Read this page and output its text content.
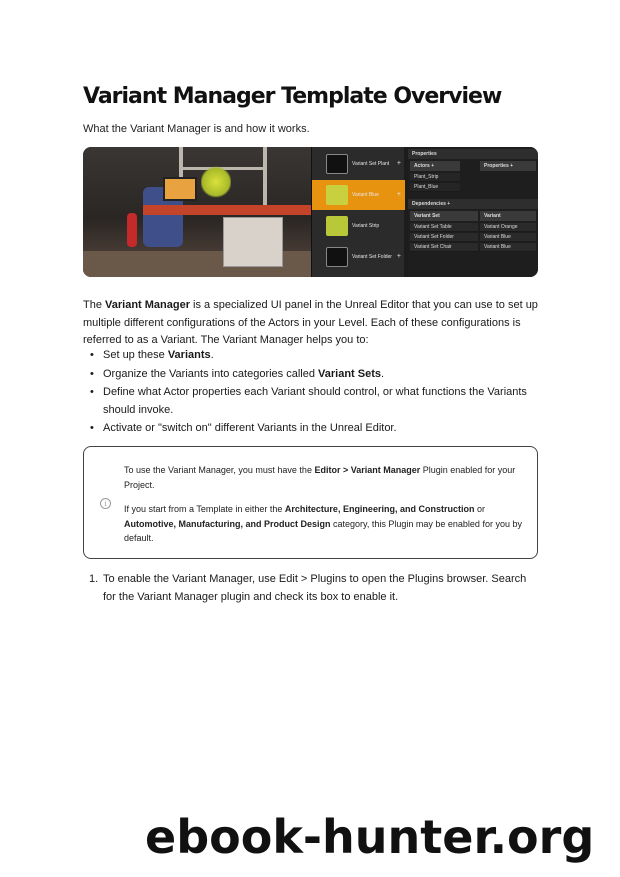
Variant Manager Template Overview

What the Variant Manager is and how it works.

Variant Set Plant +
Variant Blue	+
Variant Strip
Variant Set Folder +
Properties
Actors +	Properties +
Plant_Strip
Plant_Blue
Dependencies +
Variant Set	Variant
Variant Set Table	Variant Orange
Variant Set Folder	Variant Blue
Variant Set Chair	Variant Blue

The Variant Manager is a specialized UI panel in the Unreal Editor that you can use to set up multiple different configurations of the Actors in your Level. Each of these configurations is referred to as a Variant. The Variant Manager helps you to:

• Set up these Variants.
• Organize the Variants into categories called Variant Sets.
• Define what Actor properties each Variant should control, or what functions the Variants should invoke.
• Activate or "switch on" different Variants in the Unreal Editor.
i

To use the Variant Manager, you must have the Editor > Variant Manager Plugin enabled for your Project.

If you start from a Template in either the Architecture, Engineering, and Construction or Automotive, Manufacturing, and Product Design category, this Plugin may be enabled for you by default.

1. To enable the Variant Manager, use Edit > Plugins to open the Plugins browser. Search for the Variant Manager plugin and check its box to enable it.
ebook-hunter.org
